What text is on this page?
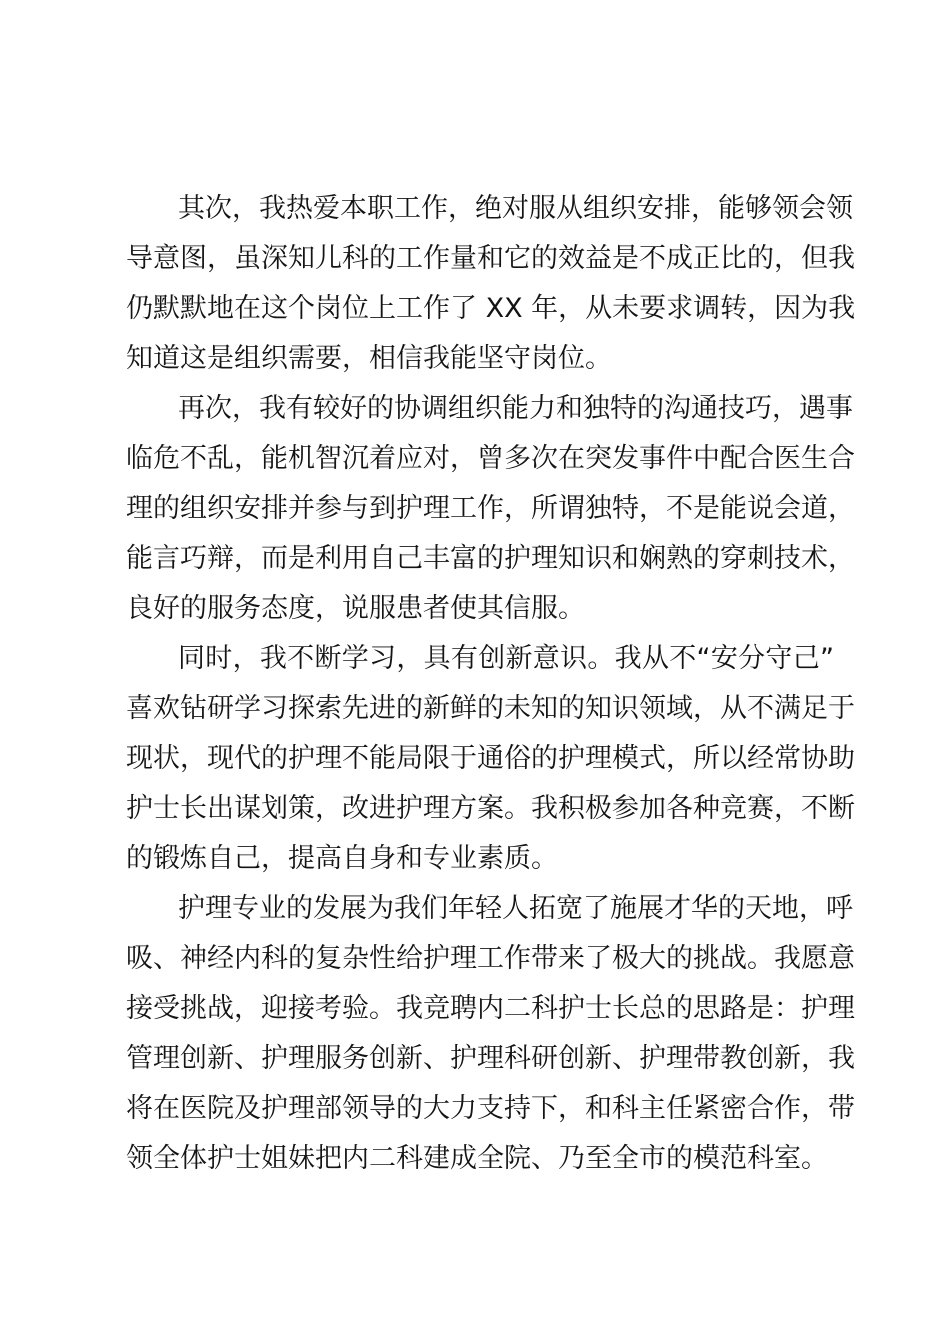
其次，我热爱本职工作，绝对服从组织安排，能够领会领
导意图，虽深知儿科的工作量和它的效益是不成正比的，但我
仍默默地在这个岗位上工作了 XX 年，从未要求调转，因为我
知道这是组织需要，相信我能坚守岗位。
再次，我有较好的协调组织能力和独特的沟通技巧，遇事
临危不乱，能机智沉着应对，曾多次在突发事件中配合医生合
理的组织安排并参与到护理工作，所谓独特，不是能说会道，
能言巧辩，而是利用自己丰富的护理知识和娴熟的穿刺技术，
良好的服务态度，说服患者使其信服。
同时，我不断学习，具有创新意识。我从不“安分守己”
喜欢钻研学习探索先进的新鲜的未知的知识领域，从不满足于
现状，现代的护理不能局限于通俗的护理模式，所以经常协助
护士长出谋划策，改进护理方案。我积极参加各种竞赛，不断
的锻炼自己，提高自身和专业素质。
护理专业的发展为我们年轻人拓宽了施展才华的天地，呼
吸、神经内科的复杂性给护理工作带来了极大的挑战。我愿意
接受挑战，迎接考验。我竞聘内二科护士长总的思路是：护理
管理创新、护理服务创新、护理科研创新、护理带教创新，我
将在医院及护理部领导的大力支持下，和科主任紧密合作，带
领全体护士姐妹把内二科建成全院、乃至全市的模范科室。
